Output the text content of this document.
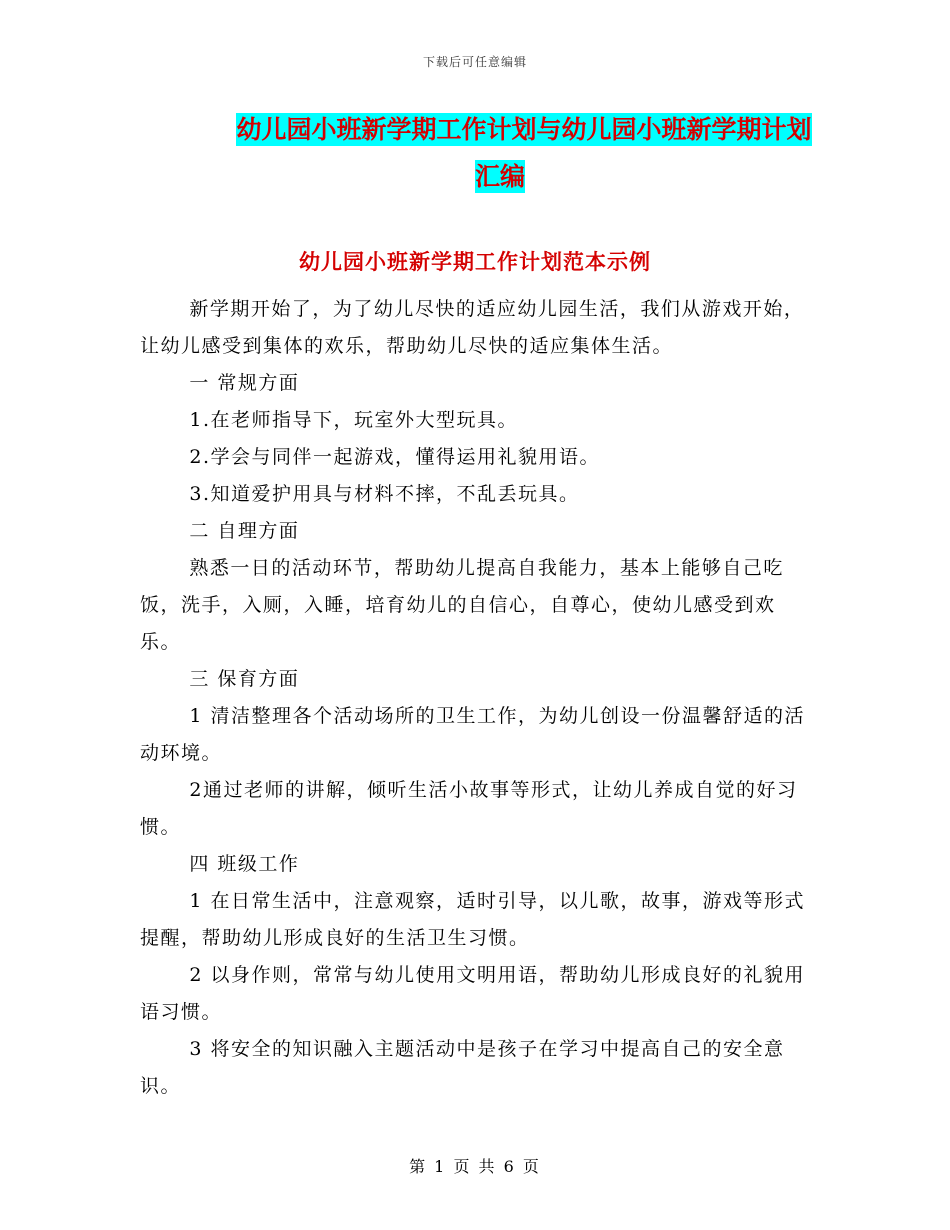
下载后可任意编辑
幼儿园小班新学期工作计划与幼儿园小班新学期计划
汇编
幼儿园小班新学期工作计划范本示例

新学期开始了，为了幼儿尽快的适应幼儿园生活，我们从游戏开始，让幼儿感受到集体的欢乐，帮助幼儿尽快的适应集体生活。

一 常规方面

1.在老师指导下，玩室外大型玩具。

2.学会与同伴一起游戏，懂得运用礼貌用语。

3.知道爱护用具与材料不摔，不乱丢玩具。

二 自理方面

熟悉一日的活动环节，帮助幼儿提高自我能力，基本上能够自己吃饭，洗手，入厕，入睡，培育幼儿的自信心，自尊心，使幼儿感受到欢乐。

三 保育方面

1 清洁整理各个活动场所的卫生工作，为幼儿创设一份温馨舒适的活动环境。

2通过老师的讲解，倾听生活小故事等形式，让幼儿养成自觉的好习惯。

四 班级工作

1 在日常生活中，注意观察，适时引导，以儿歌，故事，游戏等形式提醒，帮助幼儿形成良好的生活卫生习惯。

2 以身作则，常常与幼儿使用文明用语，帮助幼儿形成良好的礼貌用语习惯。

3 将安全的知识融入主题活动中是孩子在学习中提高自己的安全意识。

第 1 页 共 6 页
